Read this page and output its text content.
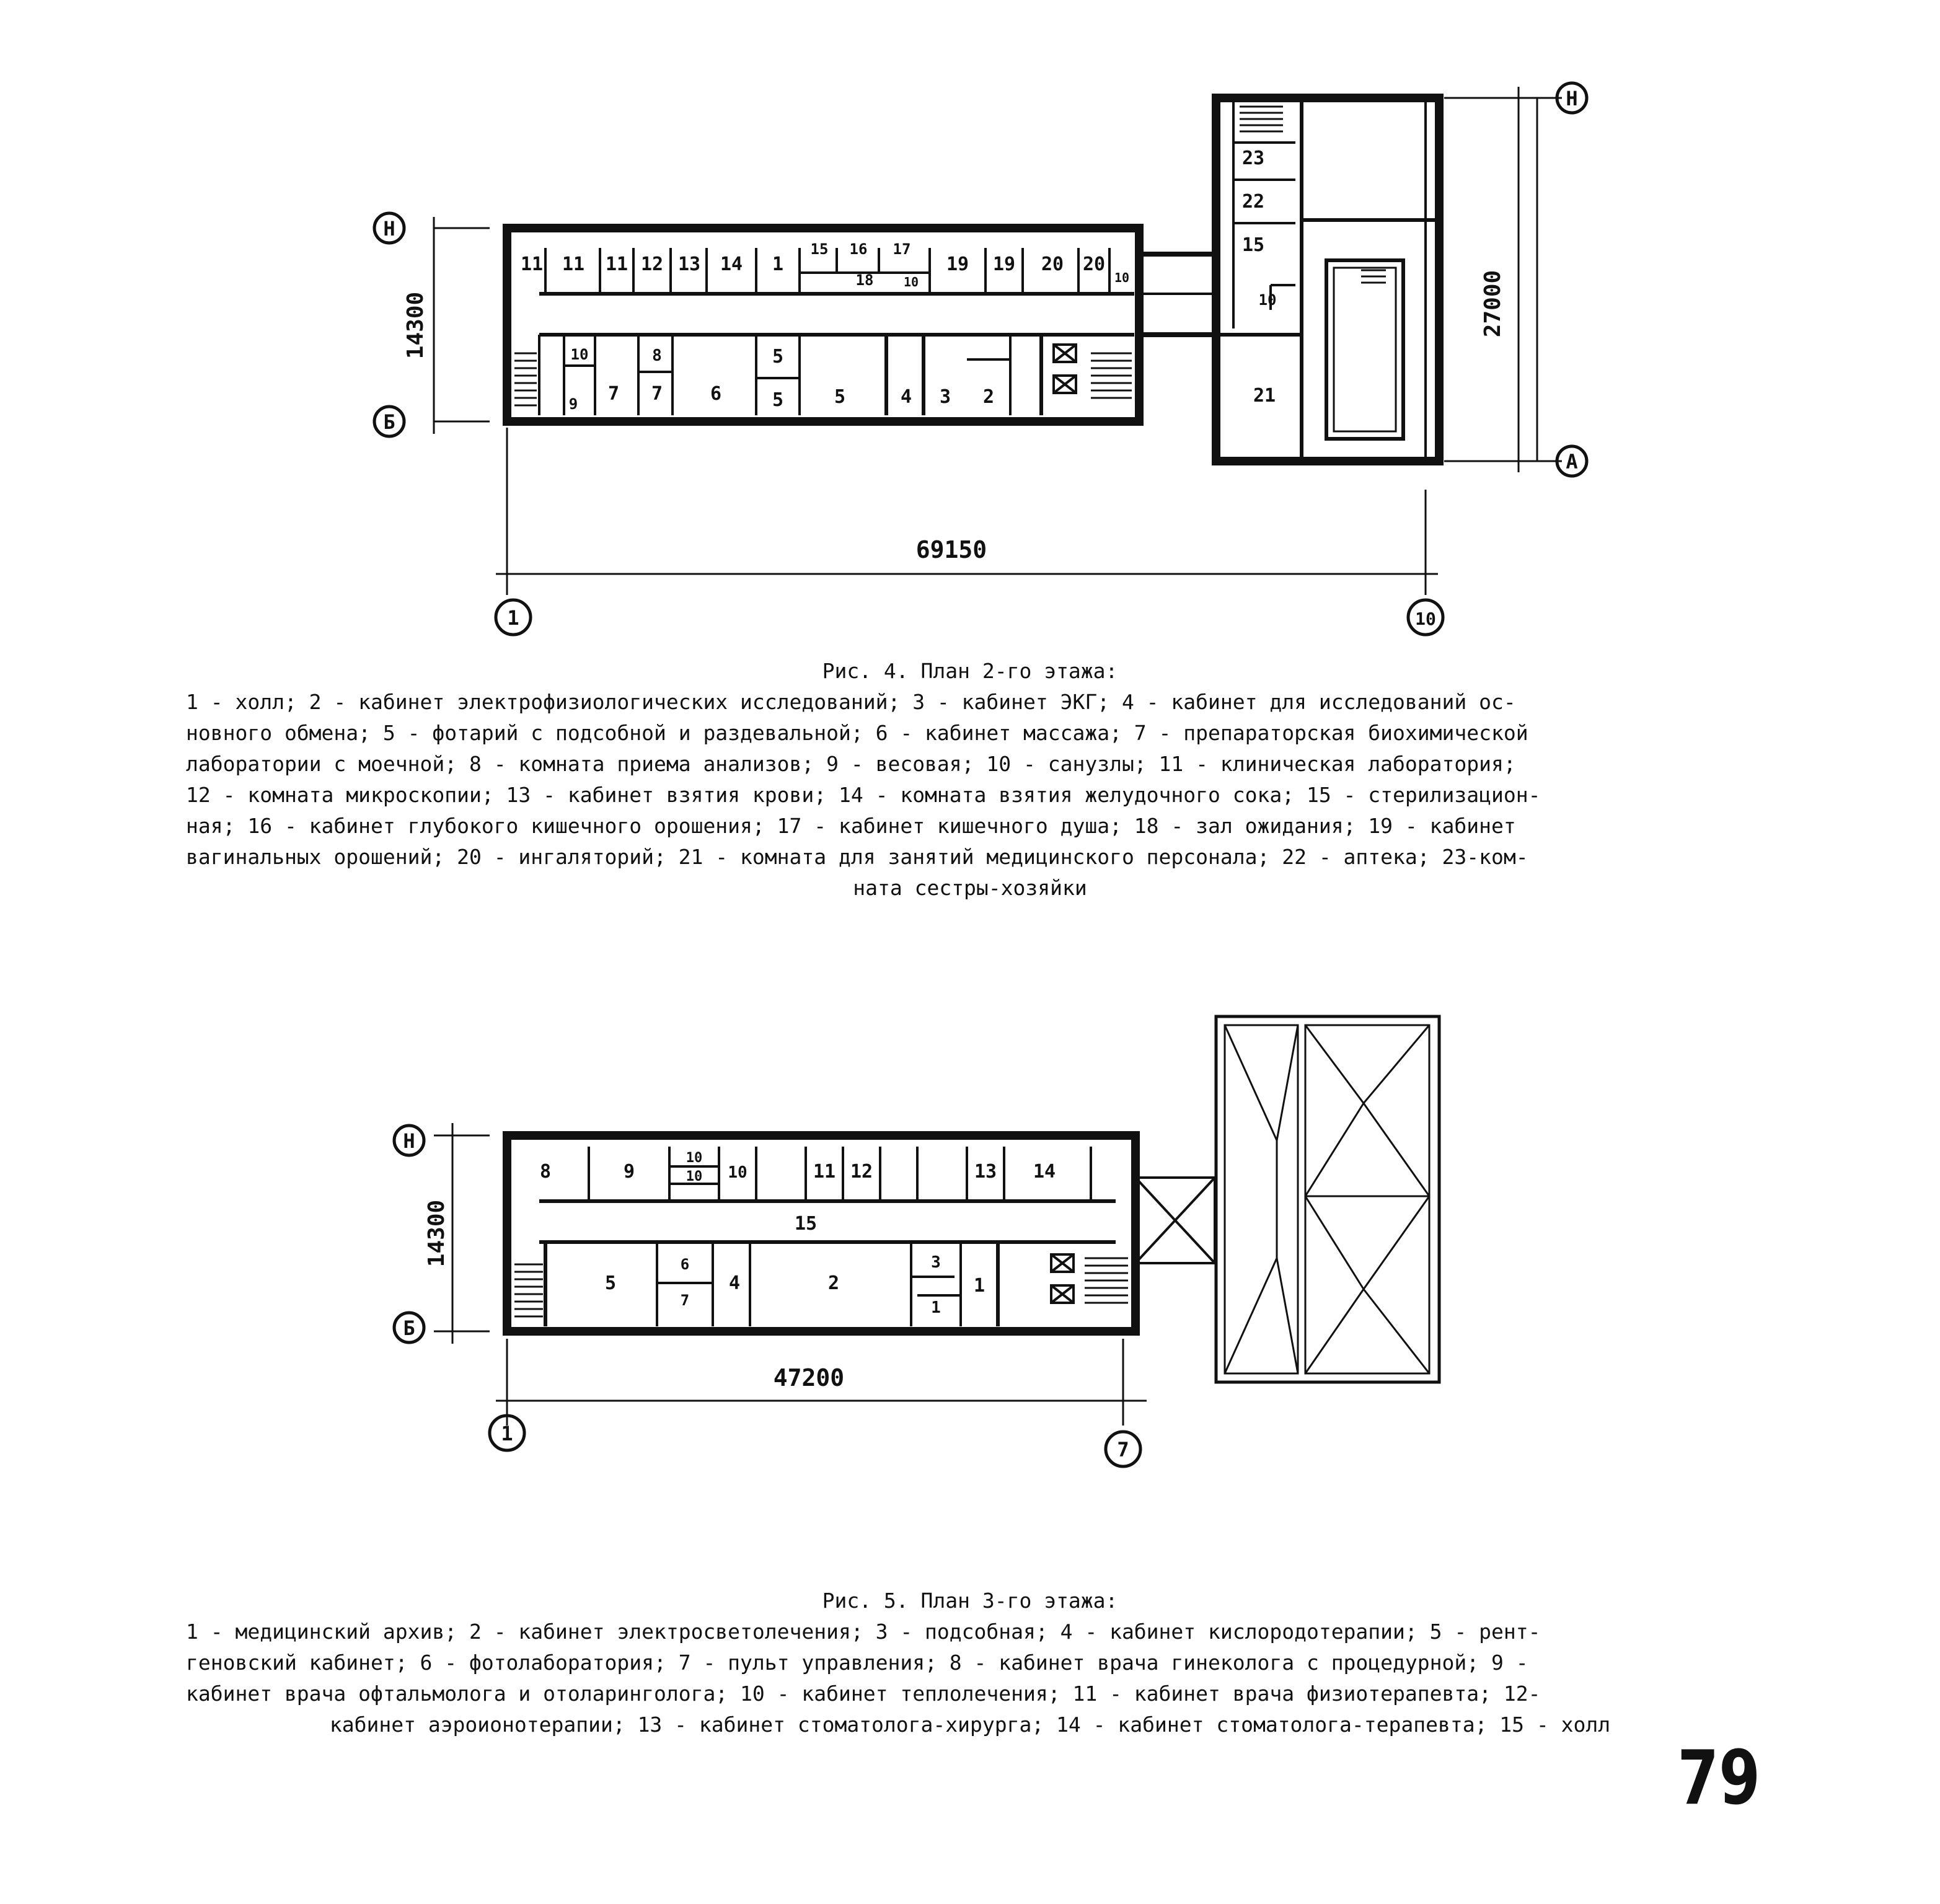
Н
Б
Н
А
1	10
14300	27000
69150
11 11 11 12 13 14 1
15 16 17
18 10
19 19 20 20
10
10	8
9 7 7	6
5
5	5	4 3 2
23
22
15
10
21
Рис. 4. План 2-го этажа:
1 - холл; 2 - кабинет электрофизиологических исследований; 3 - кабинет ЭКГ; 4 - кабинет для исследований ос-
новного обмена; 5 - фотарий с подсобной и раздевальной; 6 - кабинет массажа; 7 - препараторская биохимической
лаборатории с моечной; 8 - комната приема анализов; 9 - весовая; 10 - санузлы; 11 - клиническая лаборатория;
12 - комната микроскопии; 13 - кабинет взятия крови; 14 - комната взятия желудочного сока; 15 - стерилизацион-
ная; 16 - кабинет глубокого кишечного орошения; 17 - кабинет кишечного душа; 18 - зал ожидания; 19 - кабинет
вагинальных орошений; 20 - ингаляторий; 21 - комната для занятий медицинского персонала; 22 - аптека; 23-ком-
ната сестры-хозяйки
Н
Б
1
7
14300
47200
8	9
10
10 10	11 12	13 14
15
5
6
7
4	2
3
1
1
Рис. 5. План 3-го этажа:
1 - медицинский архив; 2 - кабинет электросветолечения; 3 - подсобная; 4 - кабинет кислородотерапии; 5 - рент-
геновский кабинет; 6 - фотолаборатория; 7 - пульт управления; 8 - кабинет врача гинеколога с процедурной; 9 -
кабинет врача офтальмолога и отоларинголога; 10 - кабинет теплолечения; 11 - кабинет врача физиотерапевта; 12-
кабинет аэроионотерапии; 13 - кабинет стоматолога-хирурга; 14 - кабинет стоматолога-терапевта; 15 - холл
79
